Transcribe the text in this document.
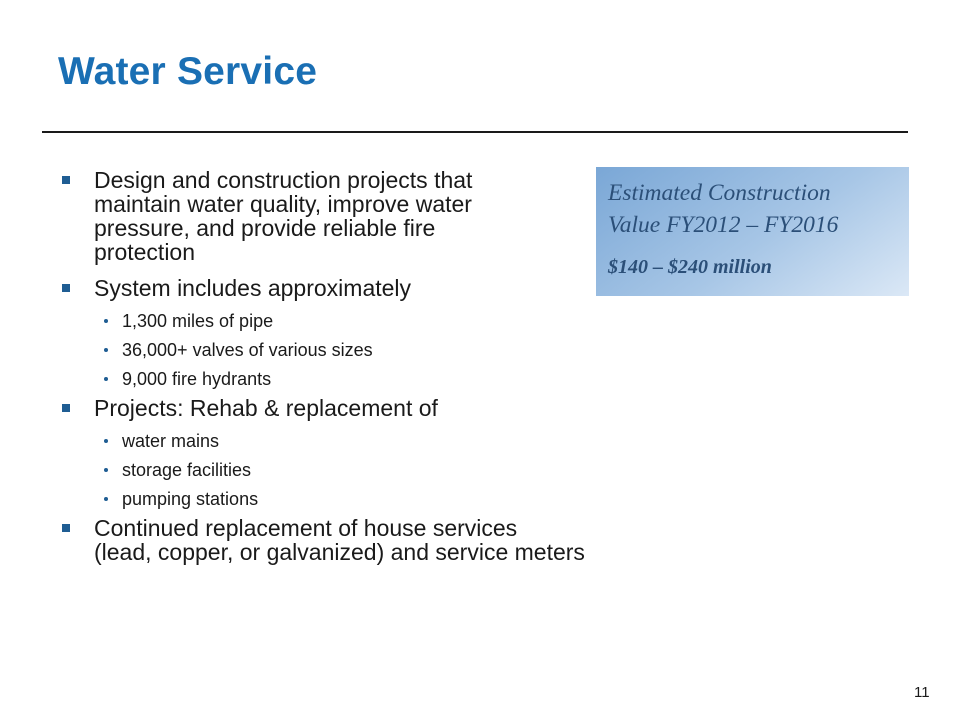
Water Service
Design and construction projects that
maintain water quality, improve water
pressure, and provide reliable fire
protection
System includes approximately
1,300 miles of pipe
36,000+ valves of various sizes
9,000 fire hydrants
Projects: Rehab & replacement of
water mains
storage facilities
pumping stations
Continued replacement of house services
(lead, copper, or galvanized) and service meters
Estimated Construction
Value FY2012 – FY2016
$140 – $240 million
11
